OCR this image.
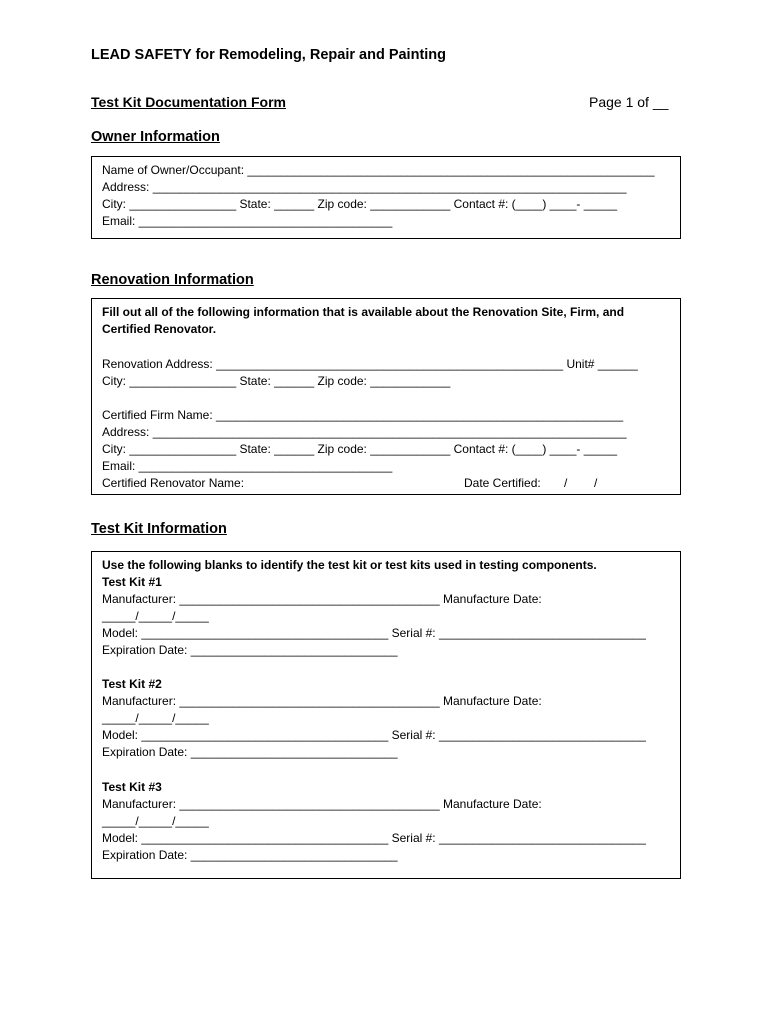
LEAD SAFETY for Remodeling, Repair and Painting
Test Kit Documentation Form	Page 1 of __
Owner Information
Name of Owner/Occupant: _____________________________________________________________
Address: _______________________________________________________________________
City: ________________ State: ______ Zip code: ____________ Contact #: (____) ____- _____
Email: ______________________________________
Renovation Information
Fill out all of the following information that is available about the Renovation Site, Firm, and
Certified Renovator.
Renovation Address: ____________________________________________________ Unit# ______
City: ________________ State: ______ Zip code: ____________
Certified Firm Name: _____________________________________________________________
Address: _______________________________________________________________________
City: ________________ State: ______ Zip code: ____________ Contact #: (____) ____- _____
Email: ______________________________________
Certified Renovator Name:	Date Certified:       /        /
Test Kit Information
Use the following blanks to identify the test kit or test kits used in testing components.
Test Kit #1
Manufacturer: _______________________________________ Manufacture Date:
_____/_____/_____
Model: _____________________________________ Serial #: _______________________________
Expiration Date: _______________________________
Test Kit #2
Manufacturer: _______________________________________ Manufacture Date:
_____/_____/_____
Model: _____________________________________ Serial #: _______________________________
Expiration Date: _______________________________
Test Kit #3
Manufacturer: _______________________________________ Manufacture Date:
_____/_____/_____
Model: _____________________________________ Serial #: _______________________________
Expiration Date: _______________________________
